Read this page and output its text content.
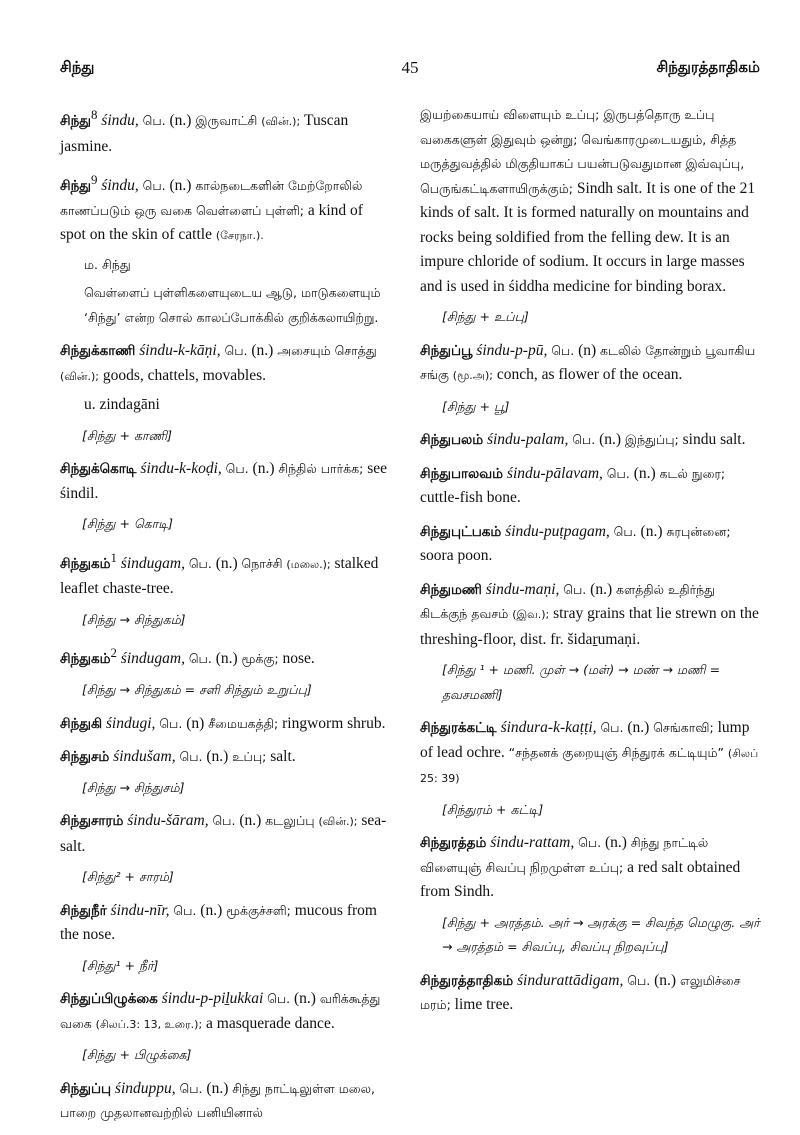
சிந்து	45	சிந்துரத்தாதிகம்
சிந்து$^8$ śindu, பெ. (n.) இருவாட்சி (வின்.); Tuscan jasmine.
சிந்து$^9$ śindu, பெ. (n.) கால்நடைகளின் மேற்றோலில் காணப்படும் ஒரு வகை வெள்ளைப் புள்ளி; a kind of spot on the skin of cattle (சேரநா.).
ம. சிந்து
வெள்ளைப் புள்ளிகளையுடைய ஆடு, மாடுகளையும் ‘சிந்து’ என்ற சொல் காலப்போக்கில் குறிக்கலாயிற்று.
சிந்துக்காணி śindu-k-kāṇi, பெ. (n.) அசையும் சொத்து (வின்.); goods, chattels, movables.
u. zindagāni
[சிந்து + காணி]
சிந்துக்கொடி śindu-k-koḍi, பெ. (n.) சிந்தில் பார்க்க; see śindil.
[சிந்து + கொடி]
சிந்துகம்$^1$ śindugam, பெ. (n.) நொச்சி (மலை.); stalked leaflet chaste-tree.
[சிந்து → சிந்துகம்]
சிந்துகம்$^2$ śindugam, பெ. (n.) மூக்கு; nose.
[சிந்து → சிந்துகம் = சளி சிந்தும் உறுப்பு]
சிந்துகி śindugi, பெ. (n) சீமையகத்தி; ringworm shrub.
சிந்துசம் śindušam, பெ. (n.) உப்பு; salt.
[சிந்து → சிந்துசம்]
சிந்துசாரம் śindu-šāram, பெ. (n.) கடலுப்பு (வின்.); sea-salt.
[சிந்து² + சாரம்]
சிந்துநீர் śindu-nīr, பெ. (n.) மூக்குச்சளி; mucous from the nose.
[சிந்து¹ + நீர்]
சிந்துப்பிழுக்கை śindu-p-piḻukkai பெ. (n.) வரிக்கூத்து வகை (சிலப்.3: 13, உரை.); a masquerade dance.
[சிந்து + பிழுக்கை]
சிந்துப்பு śinduppu, பெ. (n.) சிந்து நாட்டிலுள்ள மலை, பாறை முதலானவற்றில் பனியினால்
இயற்கையாய் விளையும் உப்பு; இருபத்தொரு உப்பு வகைகளுள் இதுவும் ஒன்று; வெங்காரமுடையதும், சித்த மருத்துவத்தில் மிகுதியாகப் பயன்படுவதுமான இவ்வுப்பு, பெருங்கட்டிகளாயிருக்கும்; Sindh salt. It is one of the 21 kinds of salt. It is formed naturally on mountains and rocks being soldified from the felling dew. It is an impure chloride of sodium. It occurs in large masses and is used in śiddha medicine for binding borax.
[சிந்து + உப்பு]
சிந்துப்பூ śindu-p-pū, பெ. (n) கடலில் தோன்றும் பூவாகிய சங்கு (மூ.அ); conch, as flower of the ocean.
[சிந்து + பூ]
சிந்துபலம் śindu-palam, பெ. (n.) இந்துப்பு; sindu salt.
சிந்துபாலவம் śindu-pālavam, பெ. (n.) கடல் நுரை; cuttle-fish bone.
சிந்துபுட்பகம் śindu-puṭpagam, பெ. (n.) சுரபுன்னை; soora poon.
சிந்துமணி śindu-maṇi, பெ. (n.) களத்தில் உதிர்ந்து கிடக்குந் தவசம் (இவ.); stray grains that lie strewn on the threshing-floor, dist. fr. šidaṟumaṇi.
[சிந்து ¹ + மணி. முள் → (மள்) → மண் → மணி = தவசமணி]
சிந்துரக்கட்டி śindura-k-kaṭṭi, பெ. (n.) செங்காவி; lump of lead ochre. “சந்தனக் குறையுஞ் சிந்துரக் கட்டியும்” (சிலப் 25: 39)
[சிந்துரம் + கட்டி]
சிந்துரத்தம் śindu-rattam, பெ. (n.) சிந்து நாட்டில் விளையுஞ் சிவப்பு நிறமுள்ள உப்பு; a red salt obtained from Sindh.
[சிந்து + அரத்தம். அர் → அரக்கு = சிவந்த மெழுகு. அர் → அரத்தம் = சிவப்பு, சிவப்பு நிறவுப்பு]
சிந்துரத்தாதிகம் śindurattādigam, பெ. (n.) எலுமிச்சை மரம்; lime tree.
